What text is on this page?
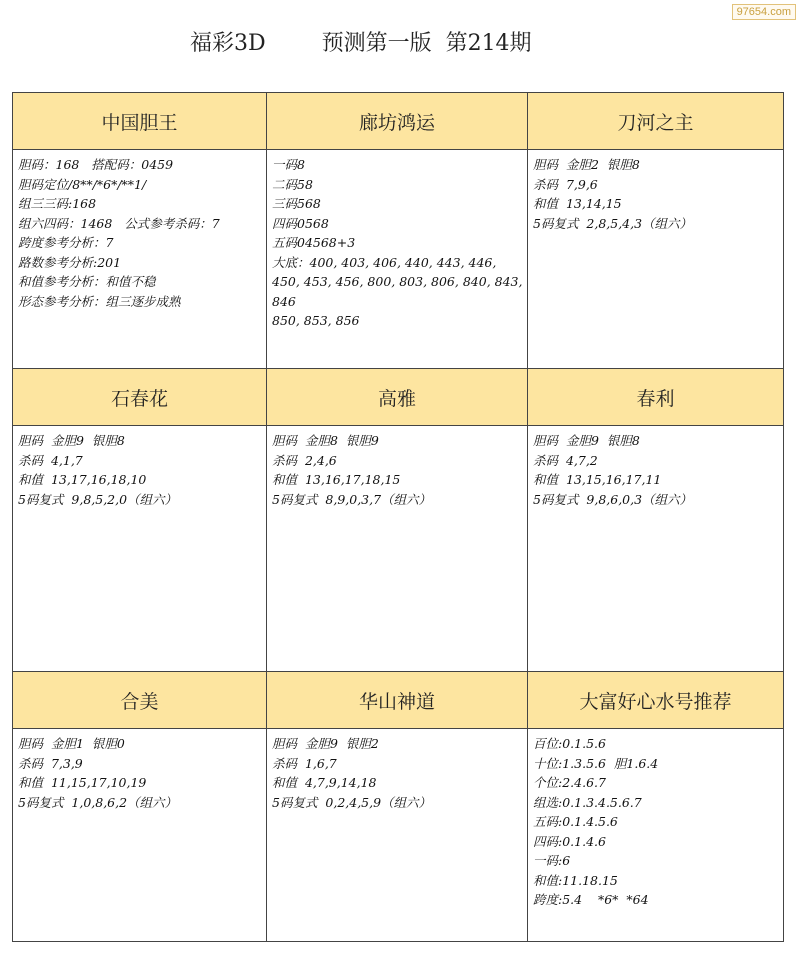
福彩3D        预测第一版  第214期
97654.com
中国胆王
胆码：168   搭配码：0459
胆码定位/8**/*6*/**1/
组三三码:168
组六四码：1468   公式参考杀码：7
跨度参考分析：7
路数参考分析:201
和值参考分析：和值不稳
形态参考分析：组三逐步成熟
廊坊鸿运
一码8
二码58
三码568
四码0568
五码04568+3
大底：400, 403, 406, 440, 443, 446, 450, 453, 456, 800, 803, 806, 840, 843, 846
850, 853, 856
刀河之主
胆码  金胆2  银胆8
杀码  7,9,6
和值  13,14,15
5码复式  2,8,5,4,3（组六）
石春花
胆码  金胆9  银胆8
杀码  4,1,7
和值  13,17,16,18,10
5码复式  9,8,5,2,0（组六）
高雅
胆码  金胆8  银胆9
杀码  2,4,6
和值  13,16,17,18,15
5码复式  8,9,0,3,7（组六）
春利
胆码  金胆9  银胆8
杀码  4,7,2
和值  13,15,16,17,11
5码复式  9,8,6,0,3（组六）
合美
胆码  金胆1  银胆0
杀码  7,3,9
和值  11,15,17,10,19
5码复式  1,0,8,6,2（组六）
华山神道
胆码  金胆9  银胆2
杀码  1,6,7
和值  4,7,9,14,18
5码复式  0,2,4,5,9（组六）
大富好心水号推荐
百位:0.1.5.6
十位:1.3.5.6  胆1.6.4
个位:2.4.6.7
组选:0.1.3.4.5.6.7
五码:0.1.4.5.6
四码:0.1.4.6
一码:6
和值:11.18.15
跨度:5.4    *6*  *64
